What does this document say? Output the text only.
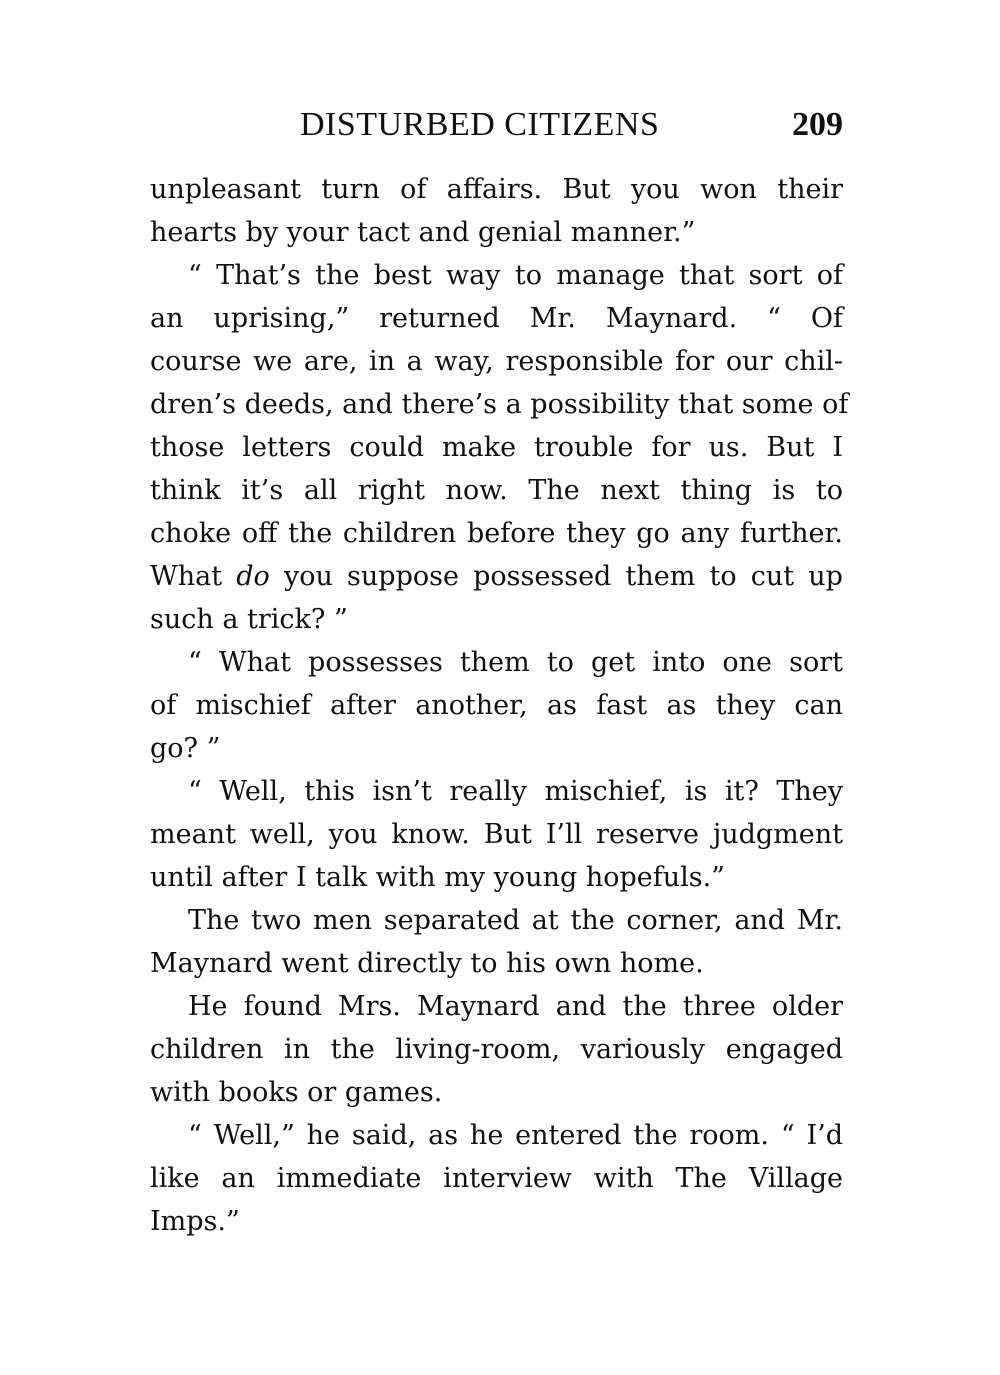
DISTURBED CITIZENS	209
unpleasant turn of affairs. But you won their
hearts by your tact and genial manner.”
“ That’s the best way to manage that sort of
an uprising,” returned Mr. Maynard. “ Of
course we are, in a way, responsible for our chil-
dren’s deeds, and there’s a possibility that some of
those letters could make trouble for us. But I
think it’s all right now. The next thing is to
choke off the children before they go any further.
What do you suppose possessed them to cut up
such a trick? ”
“ What possesses them to get into one sort
of mischief after another, as fast as they can
go? ”
“ Well, this isn’t really mischief, is it? They
meant well, you know. But I’ll reserve judgment
until after I talk with my young hopefuls.”
The two men separated at the corner, and Mr.
Maynard went directly to his own home.
He found Mrs. Maynard and the three older
children in the living-room, variously engaged
with books or games.
“ Well,” he said, as he entered the room. “ I’d
like an immediate interview with The Village
Imps.”
